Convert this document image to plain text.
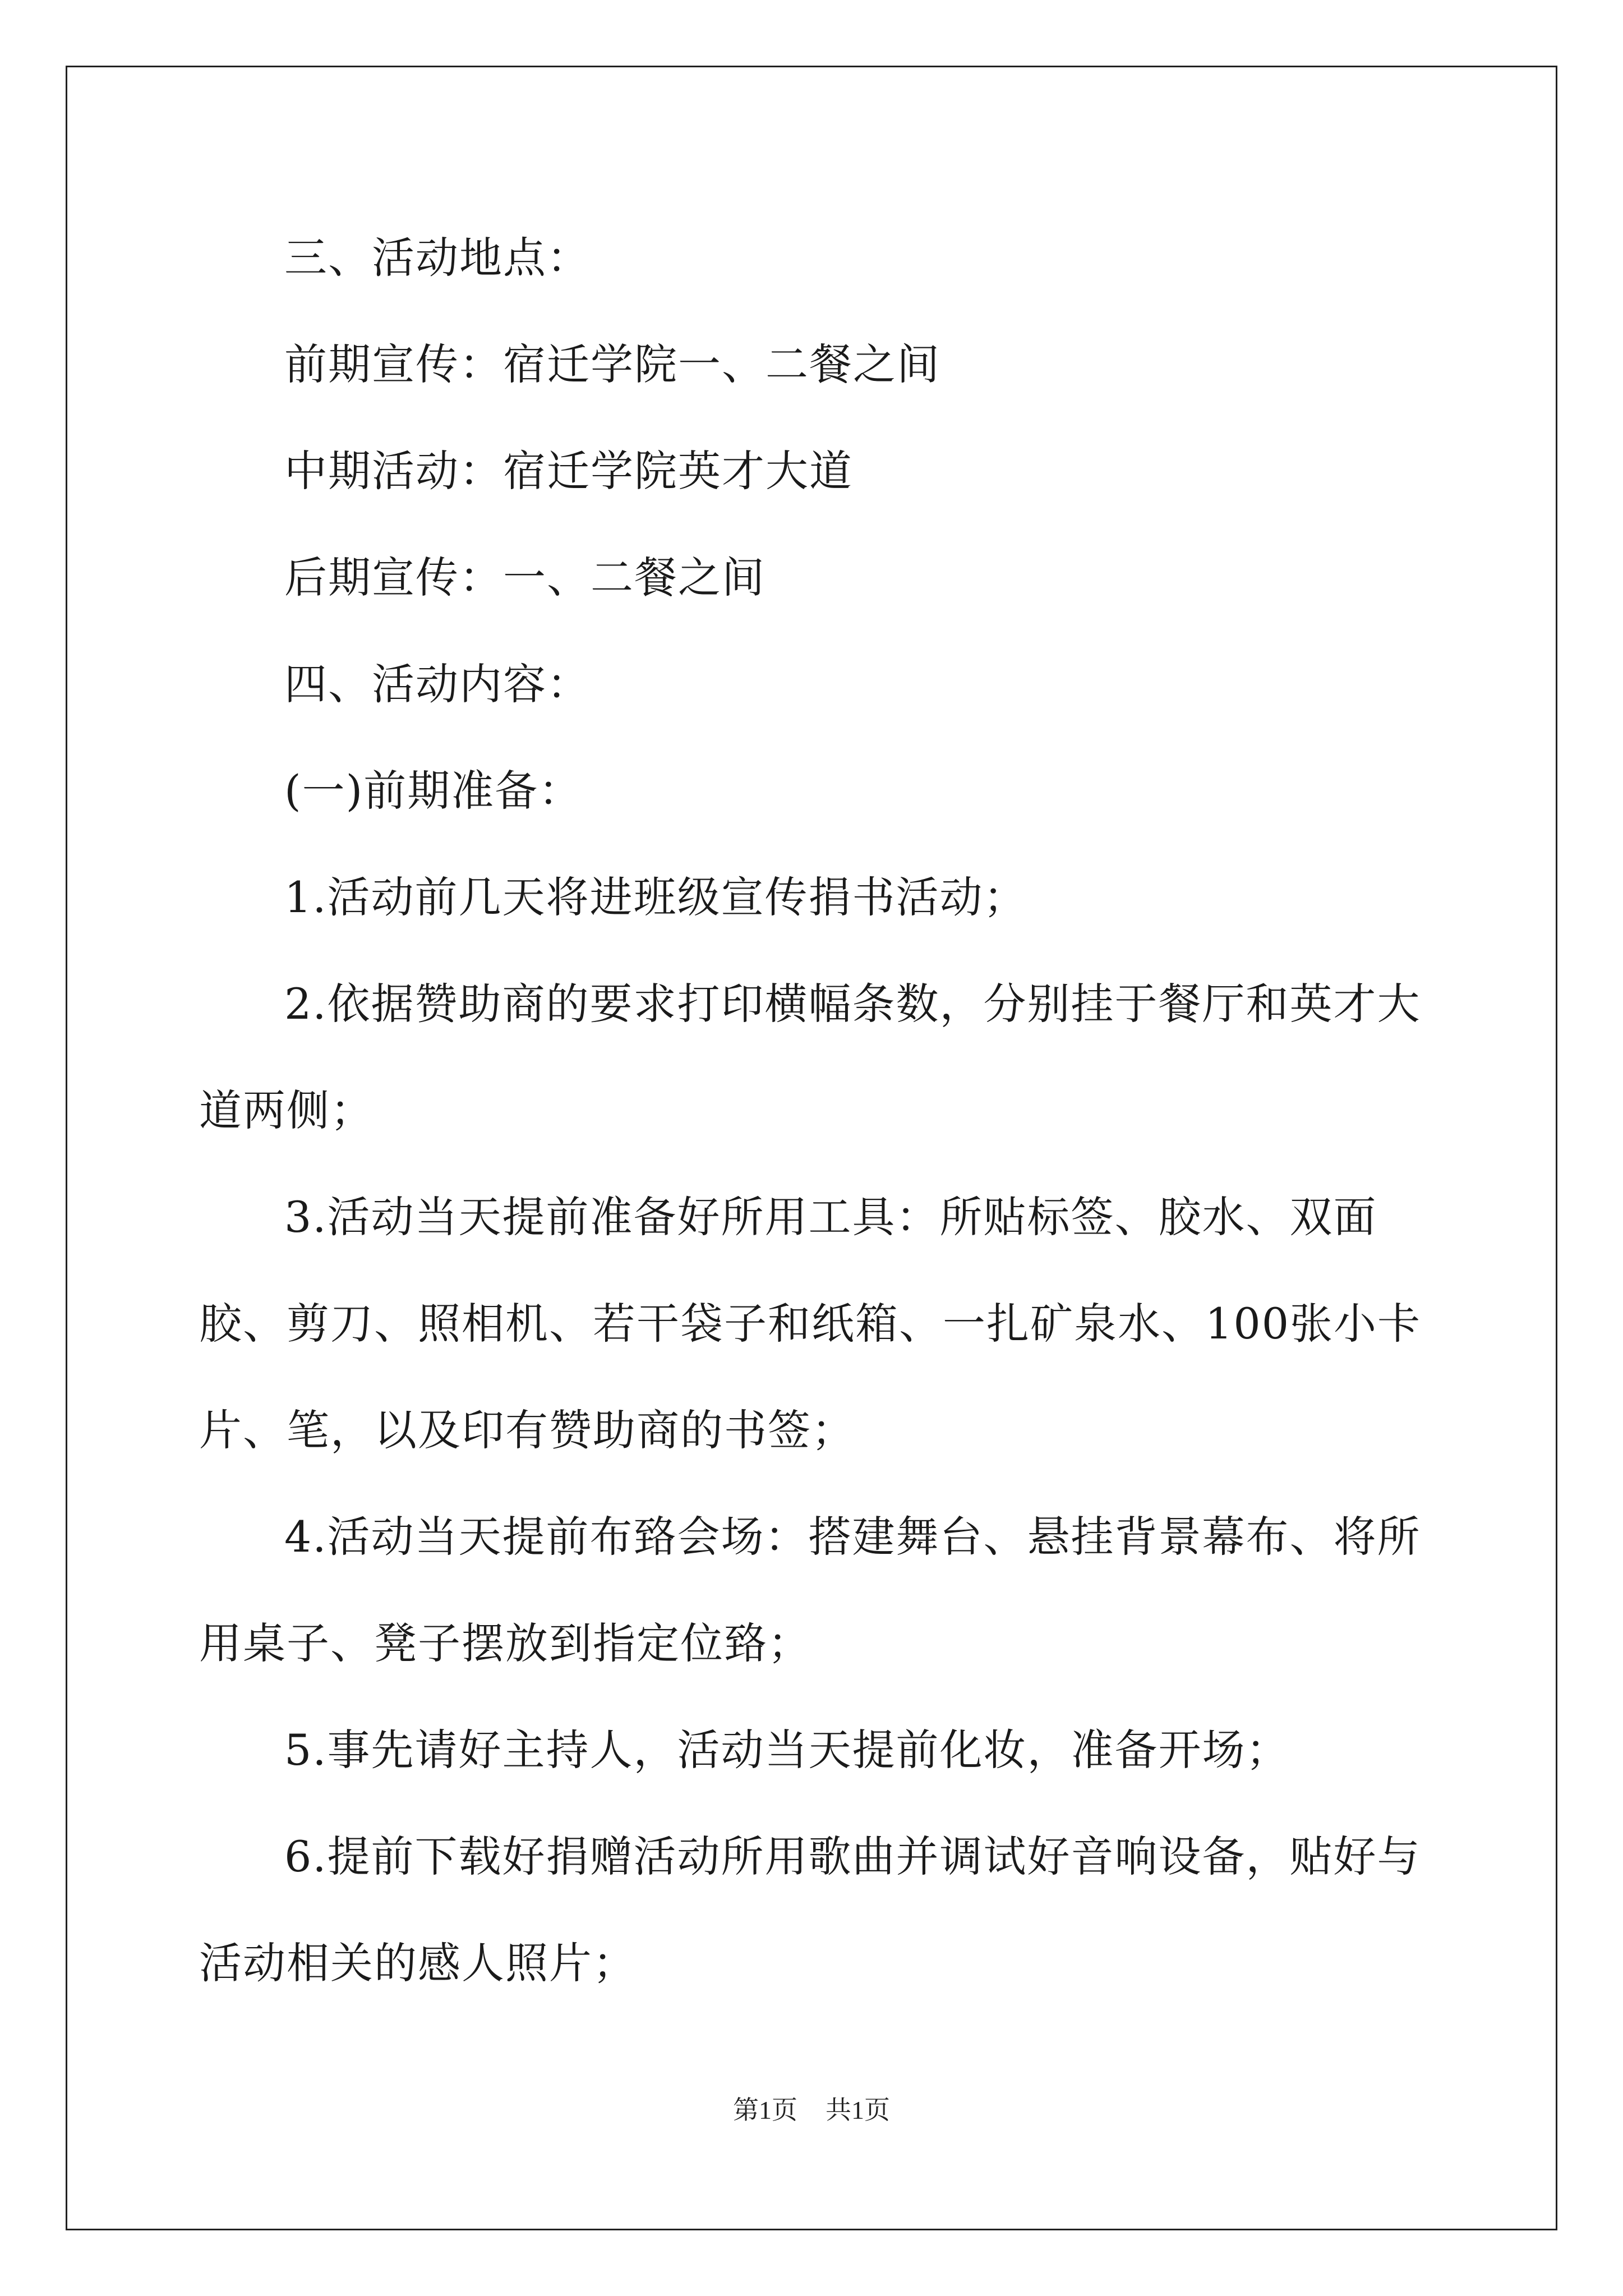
三、活动地点：

前期宣传：宿迁学院一、二餐之间

中期活动：宿迁学院英才大道

后期宣传：一、二餐之间

四、活动内容：

(一)前期准备：

1.活动前几天将进班级宣传捐书活动；

2.依据赞助商的要求打印横幅条数，分别挂于餐厅和英才大道两侧；

3.活动当天提前准备好所用工具：所贴标签、胶水、双面胶、剪刀、照相机、若干袋子和纸箱、一扎矿泉水、100张小卡片、笔，以及印有赞助商的书签；

4.活动当天提前布臵会场：搭建舞台、悬挂背景幕布、将所用桌子、凳子摆放到指定位臵；

5.事先请好主持人，活动当天提前化妆，准备开场；

6.提前下载好捐赠活动所用歌曲并调试好音响设备，贴好与活动相关的感人照片；

第1页 共1页
